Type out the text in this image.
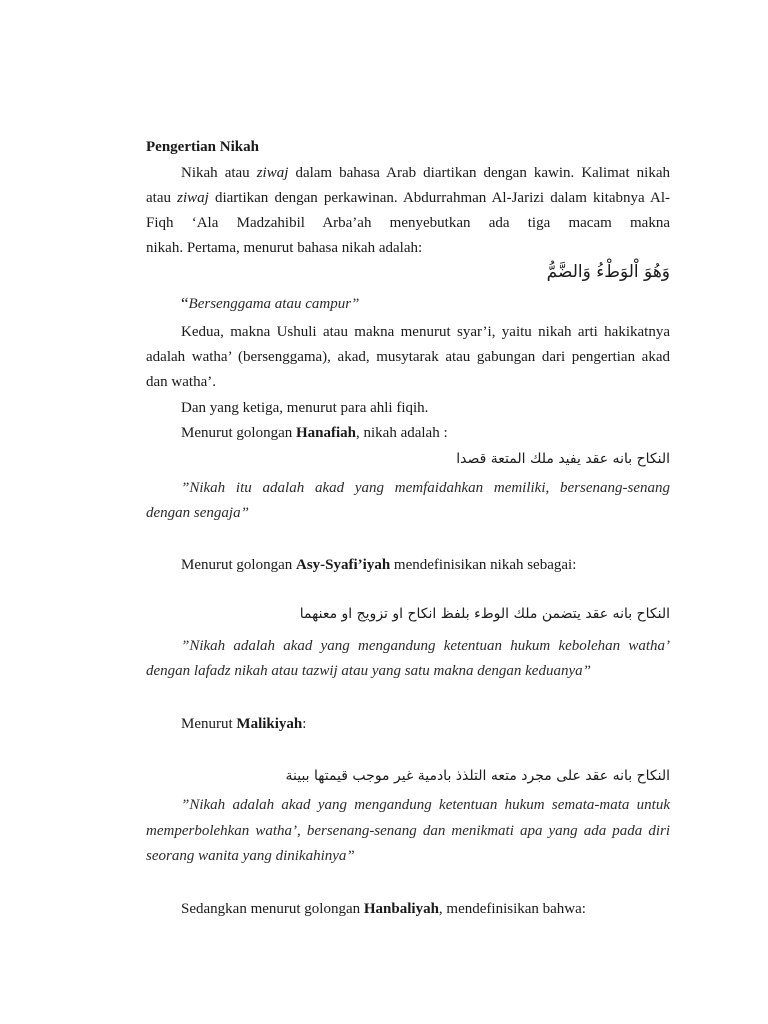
Pengertian Nikah
Nikah atau ziwaj dalam bahasa Arab diartikan dengan kawin. Kalimat nikah
atau ziwaj diartikan dengan perkawinan. Abdurrahman Al-Jarizi dalam kitabnya Al-
Fiqh ‘Ala Madzahibil Arba’ah menyebutkan ada tiga macam makna
nikah. Pertama, menurut bahasa nikah adalah:
وَهُوَ اْلوَطْءُ وَالضَّمُّ
“Bersenggama atau campur”
Kedua, makna Ushuli atau makna menurut syar’i, yaitu nikah arti hakikatnya
adalah watha’ (bersenggama), akad, musytarak atau gabungan dari pengertian akad
dan watha’.
Dan yang ketiga, menurut para ahli fiqih.
Menurut golongan Hanafiah, nikah adalah :
النكاح بانه عقد يفيد ملك المتعة قصدا
”Nikah itu adalah akad yang memfaidahkan memiliki, bersenang-senang
dengan sengaja”
Menurut golongan Asy-Syafi’iyah mendefinisikan nikah sebagai:
النكاح بانه عقد يتضمن ملك الوطء بلفظ انكاح او تزويج او معنهما
”Nikah adalah akad yang mengandung ketentuan hukum kebolehan watha’
dengan lafadz nikah atau tazwij atau yang satu makna dengan keduanya”
Menurut Malikiyah:
النكاح بانه عقد على مجرد متعه التلذذ بادمية غير موجب قيمتها ببينة
”Nikah adalah akad yang mengandung ketentuan hukum semata-mata untuk
memperbolehkan watha’, bersenang-senang dan menikmati apa yang ada pada diri
seorang wanita yang dinikahinya”
Sedangkan menurut golongan Hanbaliyah, mendefinisikan bahwa:
